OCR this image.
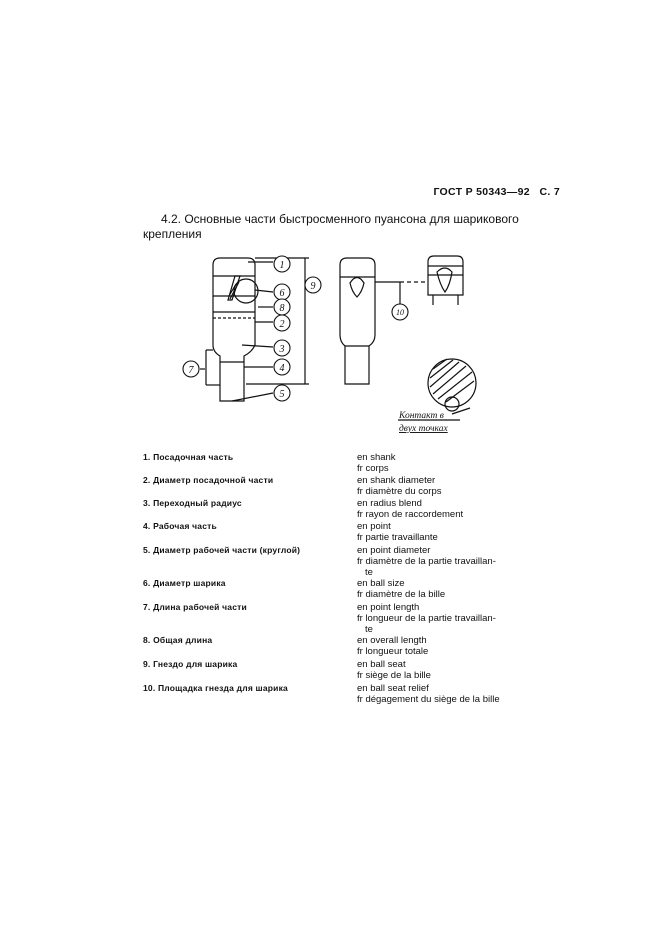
ГОСТ Р 50343—92 С. 7
4.2. Основные части быстросменного пуансона для шарикового крепления
1
6
8
2
3
4
5
7
9
10
Контакт в
двух точках
1. Посадочная часть	en shank
fr corps
2. Диаметр посадочной части	en shank diameter
fr diamètre du corps
3. Переходный радиус	en radius blend
fr rayon de raccordement
4. Рабочая часть	en point
fr partie travaillante
5. Диаметр рабочей части (круглой)	en point diameter
fr diamètre de la partie travaillan-
te
6. Диаметр шарика	en ball size
fr diamètre de la bille
7. Длина рабочей части	en point length
fr longueur de la partie travaillan-
te
8. Общая длина	en overall length
fr longueur totale
9. Гнездо для шарика	en ball seat
fr siège de la bille
10. Площадка гнезда для шарика	en ball seat relief
fr dégagement du siège de la bille
